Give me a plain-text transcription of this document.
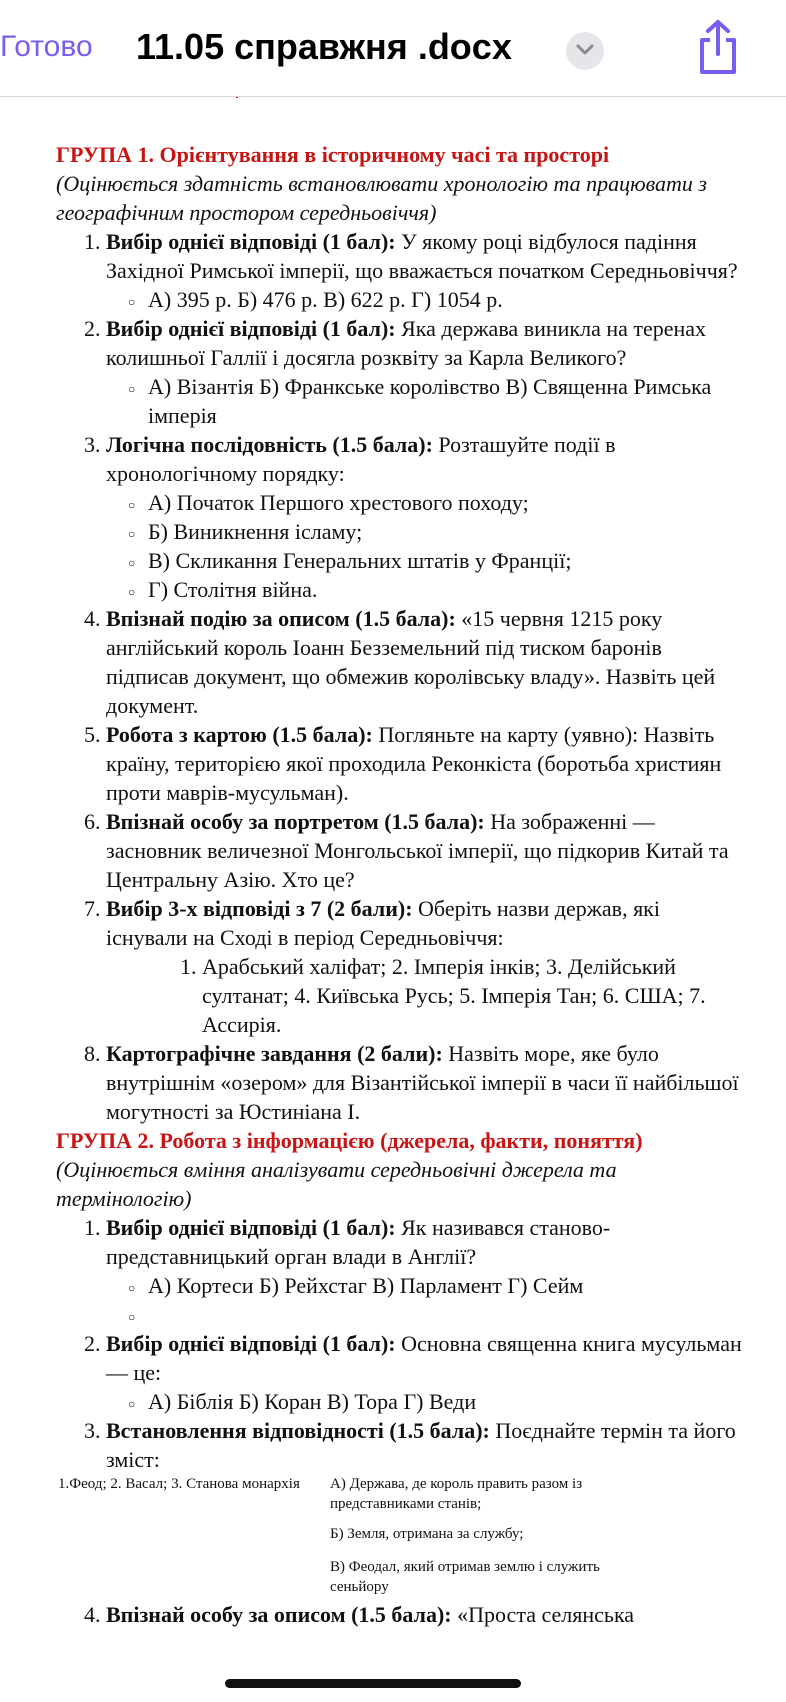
Готово 11.05 справжня .docx
ГРУПА 1. Орієнтування в історичному часі та просторі
(Оцінюється здатність встановлювати хронологію та працювати з географічним простором середньовіччя)
1. Вибір однієї відповіді (1 бал): У якому році відбулося падіння Західної Римської імперії, що вважається початком Середньовіччя?
○ А) 395 р. Б) 476 р. В) 622 р. Г) 1054 р.
2. Вибір однієї відповіді (1 бал): Яка держава виникла на теренах колишньої Галлії і досягла розквіту за Карла Великого?
○ А) Візантія Б) Франкське королівство В) Священна Римська імперія
3. Логічна послідовність (1.5 бала): Розташуйте події в хронологічному порядку:
○ А) Початок Першого хрестового походу;
○ Б) Виникнення ісламу;
○ В) Скликання Генеральних штатів у Франції;
○ Г) Столітня війна.
4. Впізнай подію за описом (1.5 бала): «15 червня 1215 року англійський король Іоанн Безземельний під тиском баронів підписав документ, що обмежив королівську владу». Назвіть цей документ.
5. Робота з картою (1.5 бала): Погляньте на карту (уявно): Назвіть країну, територією якої проходила Реконкіста (боротьба християн проти маврів-мусульман).
6. Впізнай особу за портретом (1.5 бала): На зображенні — засновник величезної Монгольської імперії, що підкорив Китай та Центральну Азію. Хто це?
7. Вибір 3-х відповіді з 7 (2 бали): Оберіть назви держав, які існували на Сході в період Середньовіччя:
1. Арабський халіфат; 2. Імперія інків; 3. Делійський султанат; 4. Київська Русь; 5. Імперія Тан; 6. США; 7. Ассирія.
8. Картографічне завдання (2 бали): Назвіть море, яке було внутрішнім «озером» для Візантійської імперії в часи її найбільшої могутності за Юстиніана І.
ГРУПА 2. Робота з інформацією (джерела, факти, поняття)
(Оцінюється вміння аналізувати середньовічні джерела та термінологію)
1. Вибір однієї відповіді (1 бал): Як називався станово-представницький орган влади в Англії?
○ А) Кортеси Б) Рейхстаг В) Парламент Г) Сейм
○
2. Вибір однієї відповіді (1 бал): Основна священна книга мусульман — це:
○ А) Біблія Б) Коран В) Тора Г) Веди
3. Встановлення відповідності (1.5 бала): Поєднайте термін та його зміст:
1.Феод; 2. Васал; 3. Станова монархія А) Держава, де король править разом із представниками станів;
Б) Земля, отримана за службу;
В) Феодал, який отримав землю і служить сеньйору
4. Впізнай особу за описом (1.5 бала): «Проста селянська
